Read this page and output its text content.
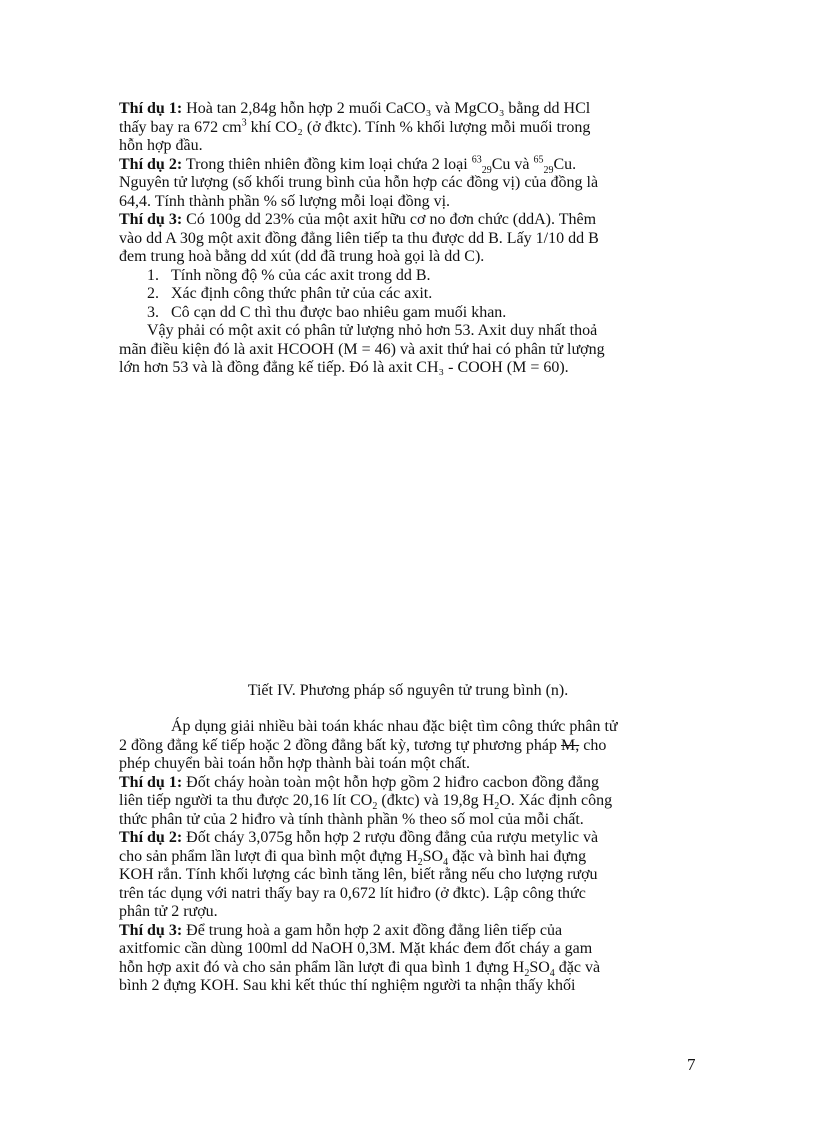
Thí dụ 1: Hoà tan 2,84g hỗn hợp 2 muối CaCO₃ và MgCO₃ bằng dd HCl
thấy bay ra 672 $cm^3$ khí CO₂ (ở đktc). Tính % khối lượng mỗi muối trong
hỗn hợp đầu.
Thí dụ 2: Trong thiên nhiên đồng kim loại chứa 2 loại $^{63}_{29}$Cu và $^{65}_{29}$Cu.
Nguyên tử lượng (số khối trung bình của hỗn hợp các đồng vị) của đồng là
64,4. Tính thành phần % số lượng mỗi loại đồng vị.
Thí dụ 3: Có 100g dd 23% của một axit hữu cơ no đơn chức (ddA). Thêm
vào dd A 30g một axit đồng đẳng liên tiếp ta thu được dd B. Lấy 1/10 dd B
đem trung hoà bằng dd xút (dd đã trung hoà gọi là dd C).
1. Tính nồng độ % của các axit trong dd B.
2. Xác định công thức phân tử của các axit.
3. Cô cạn dd C thì thu được bao nhiêu gam muối khan.
Vậy phải có một axit có phân tử lượng nhỏ hơn 53. Axit duy nhất thoả
mãn điều kiện đó là axit HCOOH (M = 46) và axit thứ hai có phân tử lượng
lớn hơn 53 và là đồng đẳng kế tiếp. Đó là axit CH₃ - COOH (M = 60).
Tiết IV. Phương pháp số nguyên tử trung bình (n).
Áp dụng giải nhiều bài toán khác nhau đặc biệt tìm công thức phân tử
2 đồng đẳng kế tiếp hoặc 2 đồng đẳng bất kỳ, tương tự phương pháp M, cho
phép chuyển bài toán hỗn hợp thành bài toán một chất.
Thí dụ 1: Đốt cháy hoàn toàn một hỗn hợp gồm 2 hiđro cacbon đồng đẳng
liên tiếp người ta thu được 20,16 lít $CO_2$ (đktc) và 19,8g $H_2O$. Xác định công
thức phân tử của 2 hiđro và tính thành phần % theo số mol của mỗi chất.
Thí dụ 2: Đốt cháy 3,075g hỗn hợp 2 rượu đồng đẳng của rượu metylic và
cho sản phẩm lần lượt đi qua bình một đựng $H_2SO_4$ đặc và bình hai đựng
KOH rắn. Tính khối lượng các bình tăng lên, biết rằng nếu cho lượng rượu
trên tác dụng với natri thấy bay ra 0,672 lít hiđro (ở đktc). Lập công thức
phân tử 2 rượu.
Thí dụ 3: Để trung hoà a gam hỗn hợp 2 axit đồng đẳng liên tiếp của
axitfomic cần dùng 100ml dd NaOH 0,3M. Mặt khác đem đốt cháy a gam
hỗn hợp axit đó và cho sản phẩm lần lượt đi qua bình 1 đựng $H_2SO_4$ đặc và
bình 2 đựng KOH. Sau khi kết thúc thí nghiệm người ta nhận thấy khối
7
